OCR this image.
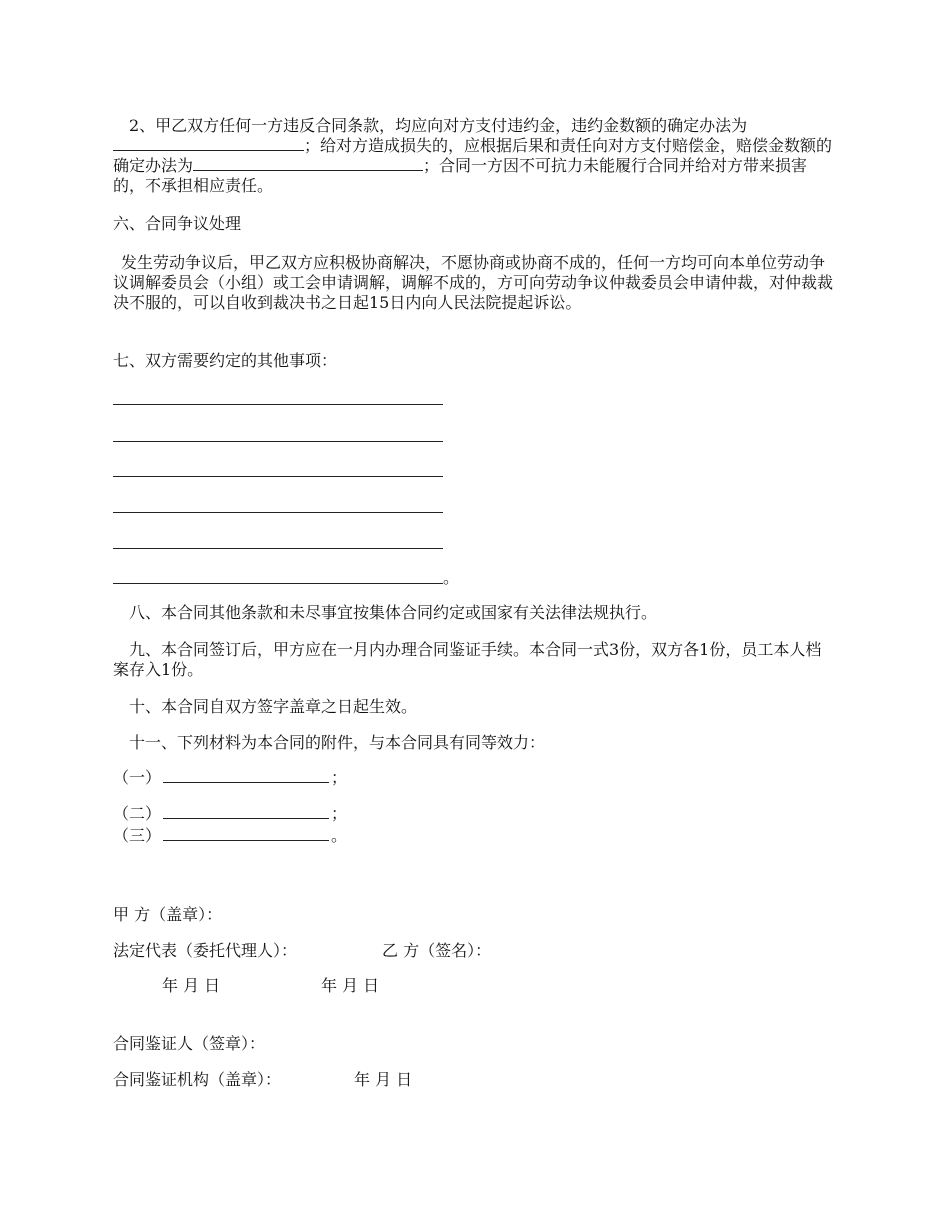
2、甲乙双方任何一方违反合同条款，均应向对方支付违约金，违约金数额的确定办法为；给对方造成损失的，应根据后果和责任向对方支付赔偿金，赔偿金数额的确定办法为	；合同一方因不可抗力未能履行合同并给对方带来损害的，不承担相应责任。
六、合同争议处理
发生劳动争议后，甲乙双方应积极协商解决，不愿协商或协商不成的，任何一方均可向本单位劳动争议调解委员会（小组）或工会申请调解，调解不成的，方可向劳动争议仲裁委员会申请仲裁，对仲裁裁决不服的，可以自收到裁决书之日起15日内向人民法院提起诉讼。
七、双方需要约定的其他事项：
。
八、本合同其他条款和未尽事宜按集体合同约定或国家有关法律法规执行。
九、本合同签订后，甲方应在一月内办理合同鉴证手续。本合同一式3份，双方各1份，员工本人档案存入1份。
十、本合同自双方签字盖章之日起生效。
十一、下列材料为本合同的附件，与本合同具有同等效力：
（一）	；
（二）	；
（三）	。
甲 方（盖章）：
法定代表（委托代理人）：	乙 方（签名）：
年 月 日	年 月 日
合同鉴证人（签章）：
合同鉴证机构（盖章）：	年 月 日
